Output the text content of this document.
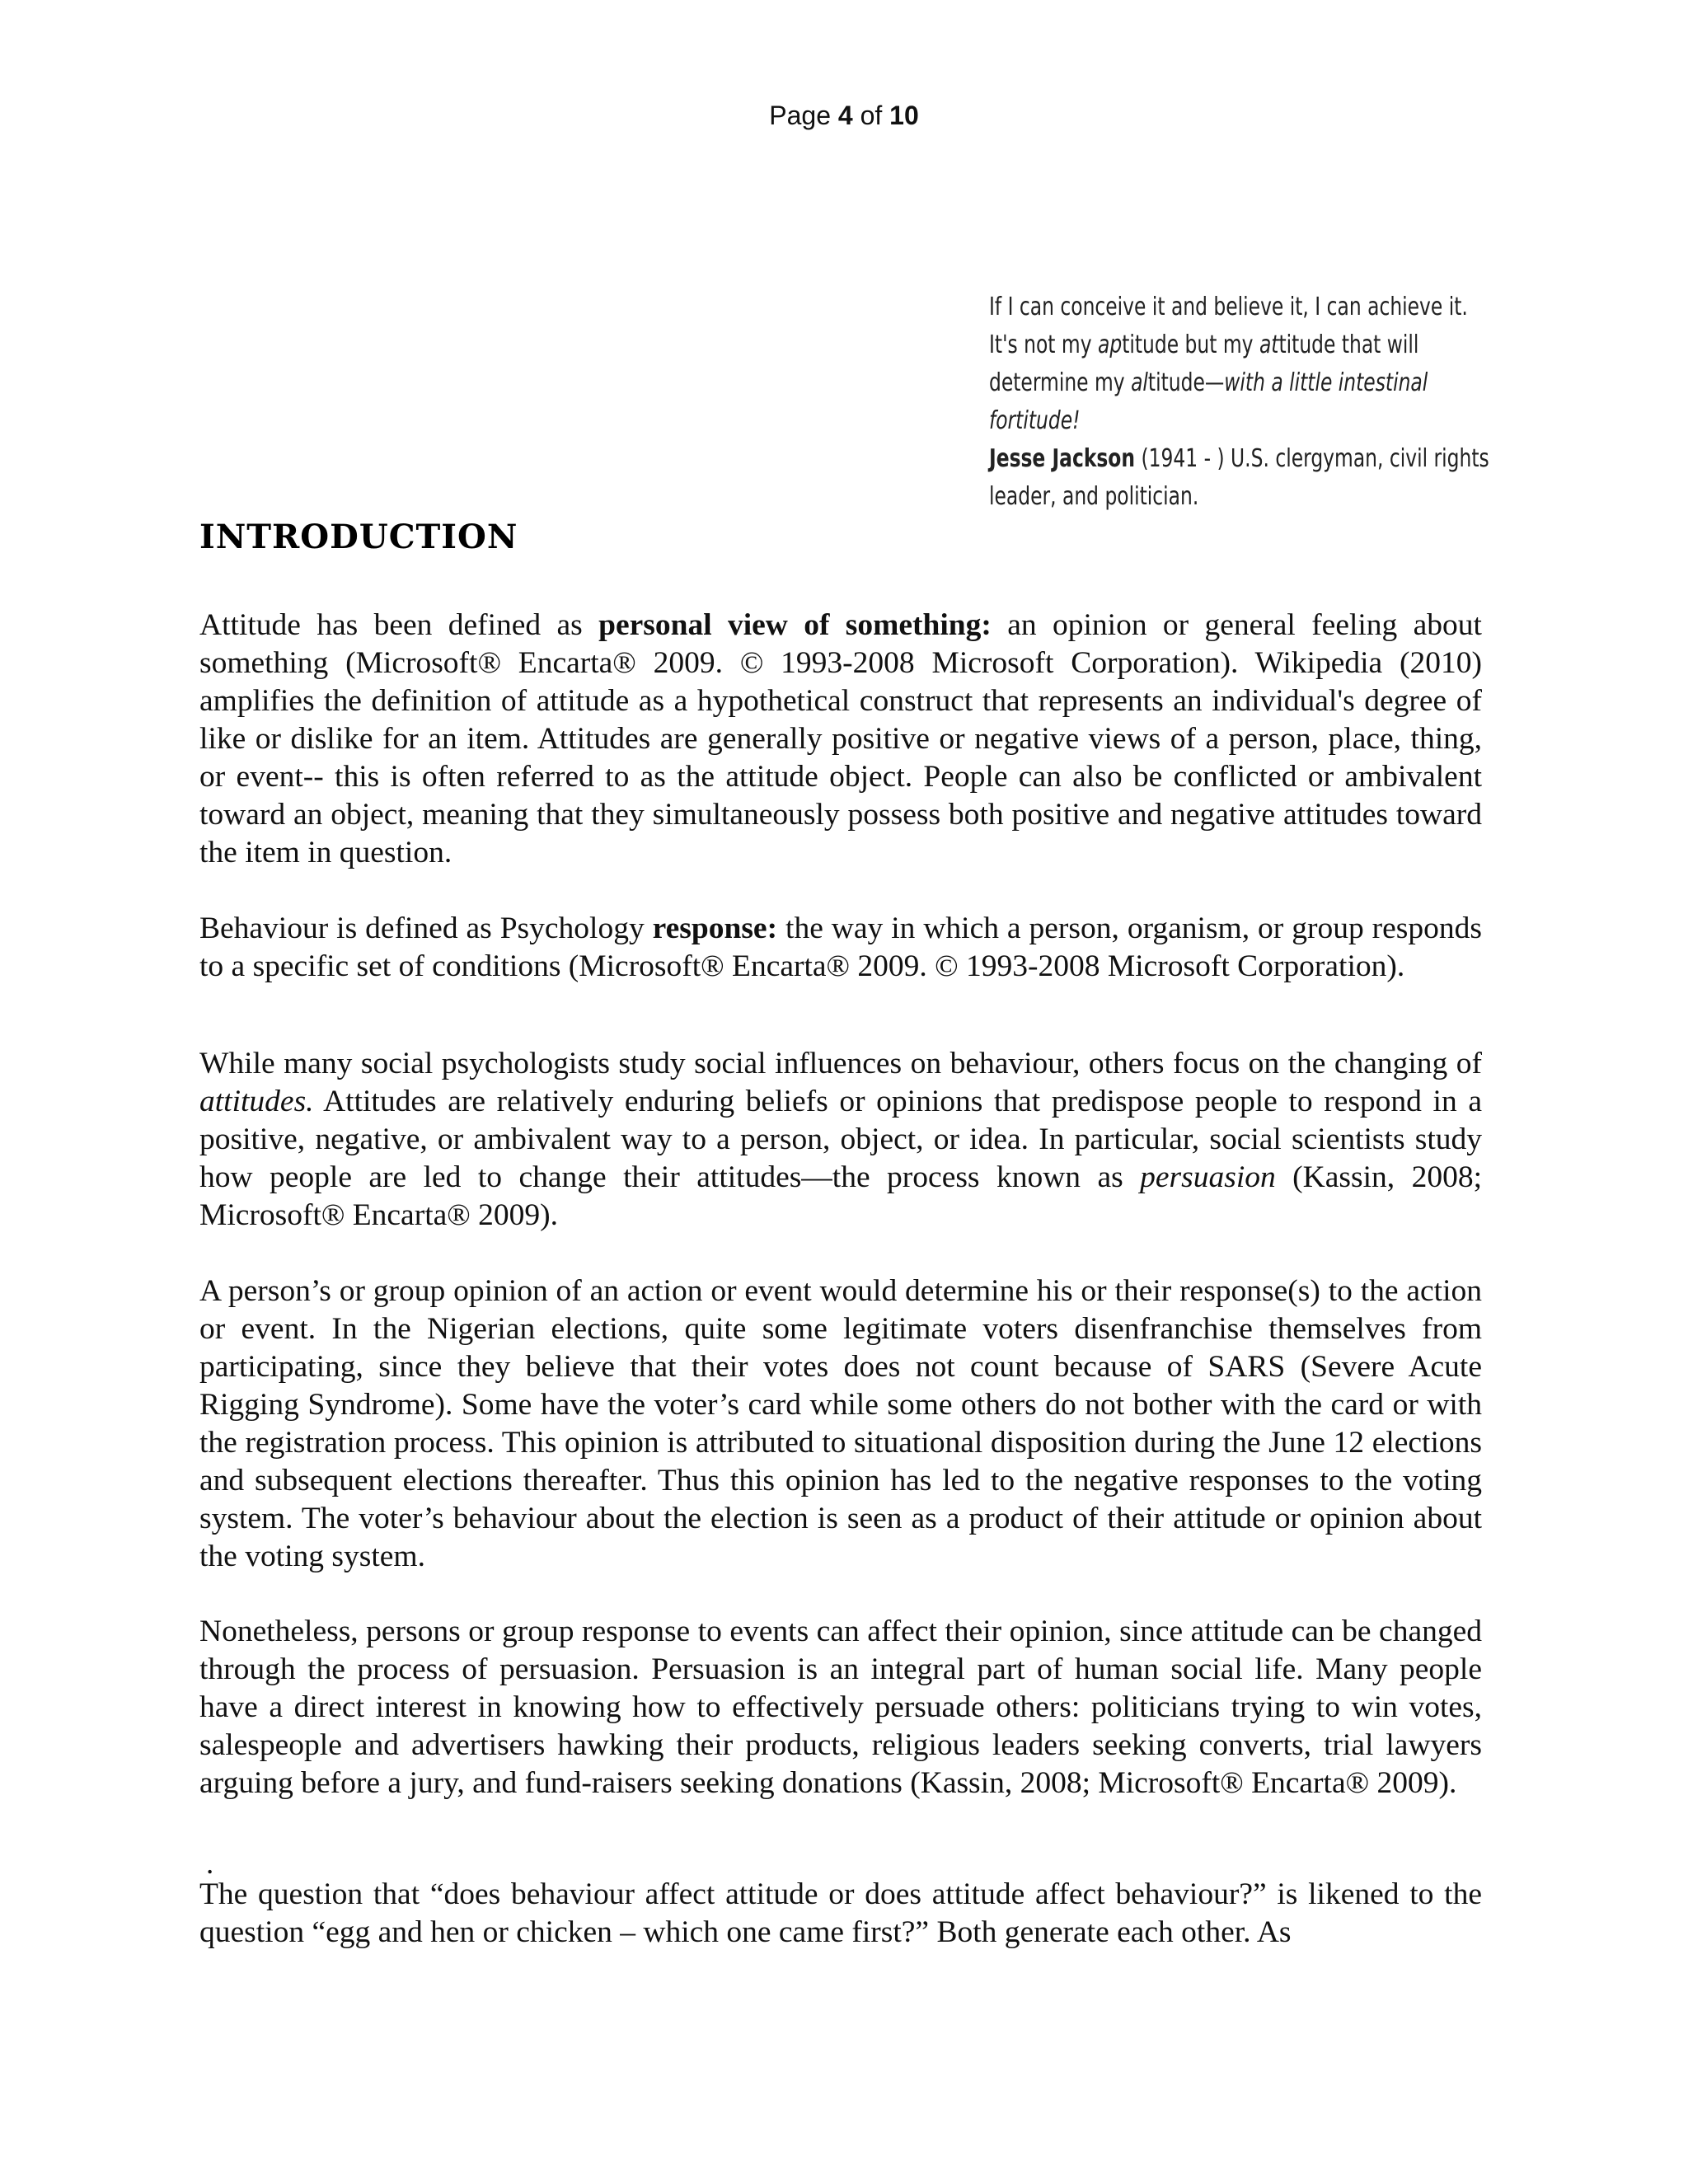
Page 4 of 10
If I can conceive it and believe it, I can achieve it. It's not my aptitude but my attitude that will determine my altitude—with a little intestinal fortitude!
Jesse Jackson (1941 - ) U.S. clergyman, civil rights leader, and politician.
INTRODUCTION

Attitude has been defined as personal view of something: an opinion or general feeling about something (Microsoft® Encarta® 2009. © 1993-2008 Microsoft Corporation). Wikipedia (2010) amplifies the definition of attitude as a hypothetical construct that represents an individual's degree of like or dislike for an item. Attitudes are generally positive or negative views of a person, place, thing, or event-- this is often referred to as the attitude object. People can also be conflicted or ambivalent toward an object, meaning that they simultaneously possess both positive and negative attitudes toward the item in question.

Behaviour is defined as Psychology response: the way in which a person, organism, or group responds to a specific set of conditions (Microsoft® Encarta® 2009. © 1993-2008 Microsoft Corporation).

While many social psychologists study social influences on behaviour, others focus on the changing of attitudes. Attitudes are relatively enduring beliefs or opinions that predispose people to respond in a positive, negative, or ambivalent way to a person, object, or idea. In particular, social scientists study how people are led to change their attitudes—the process known as persuasion (Kassin, 2008; Microsoft® Encarta® 2009).

A person’s or group opinion of an action or event would determine his or their response(s) to the action or event. In the Nigerian elections, quite some legitimate voters disenfranchise themselves from participating, since they believe that their votes does not count because of SARS (Severe Acute Rigging Syndrome). Some have the voter’s card while some others do not bother with the card or with the registration process. This opinion is attributed to situational disposition during the June 12 elections and subsequent elections thereafter. Thus this opinion has led to the negative responses to the voting system. The voter’s behaviour about the election is seen as a product of their attitude or opinion about the voting system.

Nonetheless, persons or group response to events can affect their opinion, since attitude can be changed through the process of persuasion. Persuasion is an integral part of human social life. Many people have a direct interest in knowing how to effectively persuade others: politicians trying to win votes, salespeople and advertisers hawking their products, religious leaders seeking converts, trial lawyers arguing before a jury, and fund-raisers seeking donations (Kassin, 2008; Microsoft® Encarta® 2009).

.

The question that “does behaviour affect attitude or does attitude affect behaviour?” is likened to the question “egg and hen or chicken – which one came first?” Both generate each other. As
